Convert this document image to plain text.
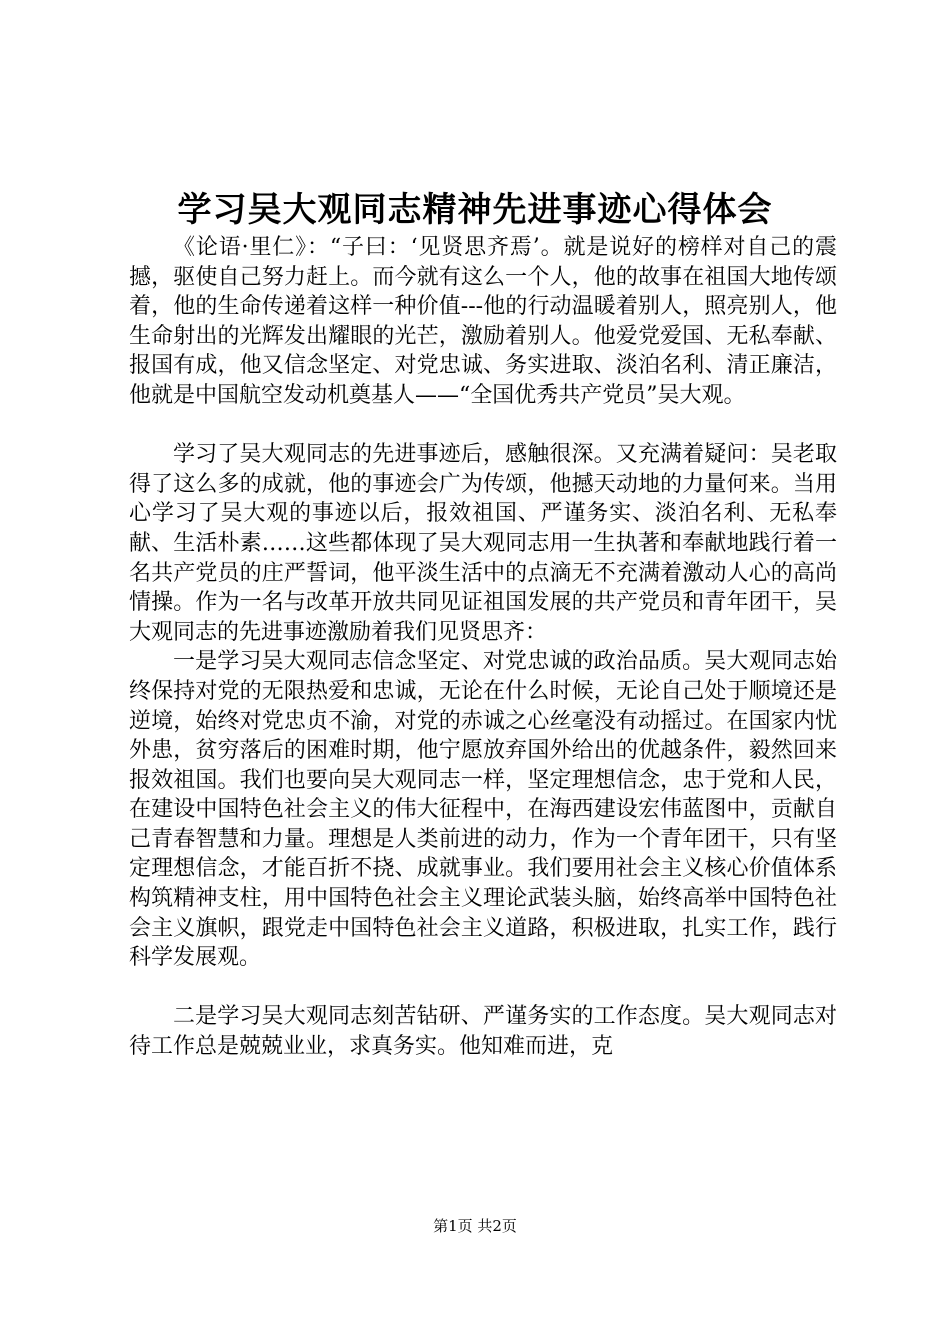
学习吴大观同志精神先进事迹心得体会

《论语·里仁》：“子曰：‘见贤思齐焉’。就是说好的榜样对自己的震撼，驱使自己努力赶上。而今就有这么一个人，他的故事在祖国大地传颂着，他的生命传递着这样一种价值---他的行动温暖着别人，照亮别人，他生命射出的光辉发出耀眼的光芒，激励着别人。他爱党爱国、无私奉献、报国有成，他又信念坚定、对党忠诚、务实进取、淡泊名利、清正廉洁，他就是中国航空发动机奠基人——“全国优秀共产党员”吴大观。

学习了吴大观同志的先进事迹后，感触很深。又充满着疑问：吴老取得了这么多的成就，他的事迹会广为传颂，他撼天动地的力量何来。当用心学习了吴大观的事迹以后，报效祖国、严谨务实、淡泊名利、无私奉献、生活朴素……这些都体现了吴大观同志用一生执著和奉献地践行着一名共产党员的庄严誓词，他平淡生活中的点滴无不充满着激动人心的高尚情操。作为一名与改革开放共同见证祖国发展的共产党员和青年团干，吴大观同志的先进事迹激励着我们见贤思齐：

一是学习吴大观同志信念坚定、对党忠诚的政治品质。吴大观同志始终保持对党的无限热爱和忠诚，无论在什么时候，无论自己处于顺境还是逆境，始终对党忠贞不渝，对党的赤诚之心丝毫没有动摇过。在国家内忧外患，贫穷落后的困难时期，他宁愿放弃国外给出的优越条件，毅然回来报效祖国。我们也要向吴大观同志一样，坚定理想信念，忠于党和人民，在建设中国特色社会主义的伟大征程中，在海西建设宏伟蓝图中，贡献自己青春智慧和力量。理想是人类前进的动力，作为一个青年团干，只有坚定理想信念，才能百折不挠、成就事业。我们要用社会主义核心价值体系构筑精神支柱，用中国特色社会主义理论武装头脑，始终高举中国特色社会主义旗帜，跟党走中国特色社会主义道路，积极进取，扎实工作，践行科学发展观。

二是学习吴大观同志刻苦钻研、严谨务实的工作态度。吴大观同志对待工作总是兢兢业业，求真务实。他知难而进，克

第1页 共2页
